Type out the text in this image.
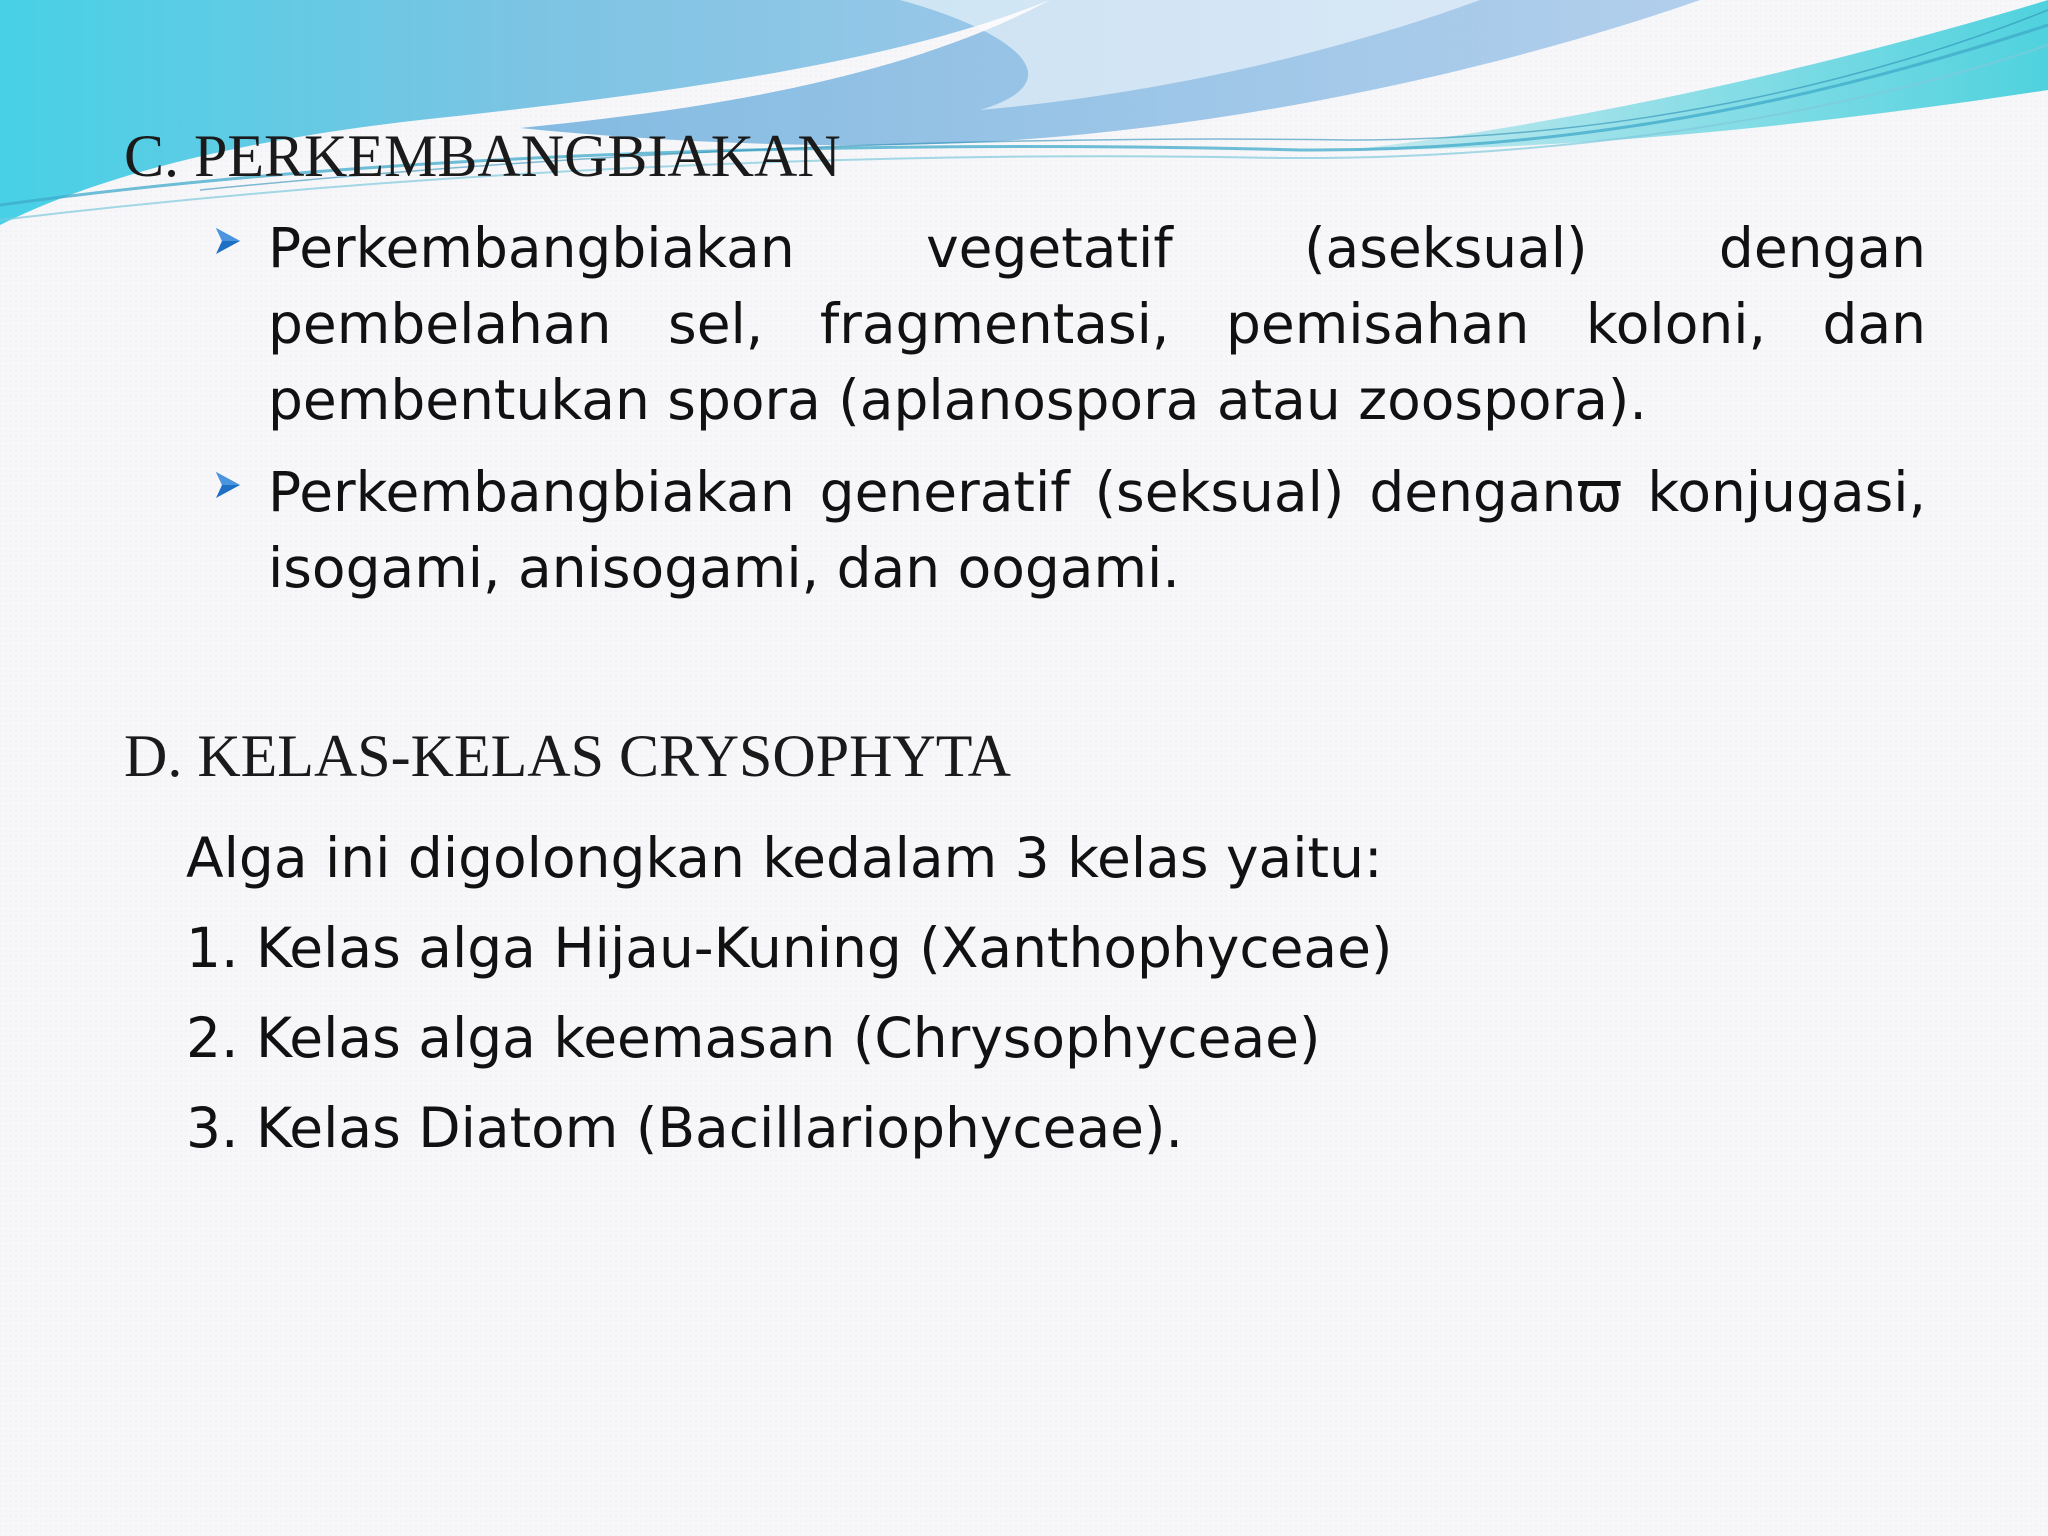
C. PERKEMBANGBIAKAN
Perkembangbiakan vegetatif (aseksual) dengan pembelahan sel, fragmentasi, pemisahan koloni, dan pembentukan spora (aplanospora atau zoospora).
Perkembangbiakan generatif (seksual) denganϖ konjugasi, isogami, anisogami, dan oogami.
D. KELAS-KELAS CRYSOPHYTA
Alga ini digolongkan kedalam 3 kelas yaitu:
1. Kelas alga Hijau-Kuning (Xanthophyceae)
2. Kelas alga keemasan (Chrysophyceae)
3. Kelas Diatom (Bacillariophyceae).
